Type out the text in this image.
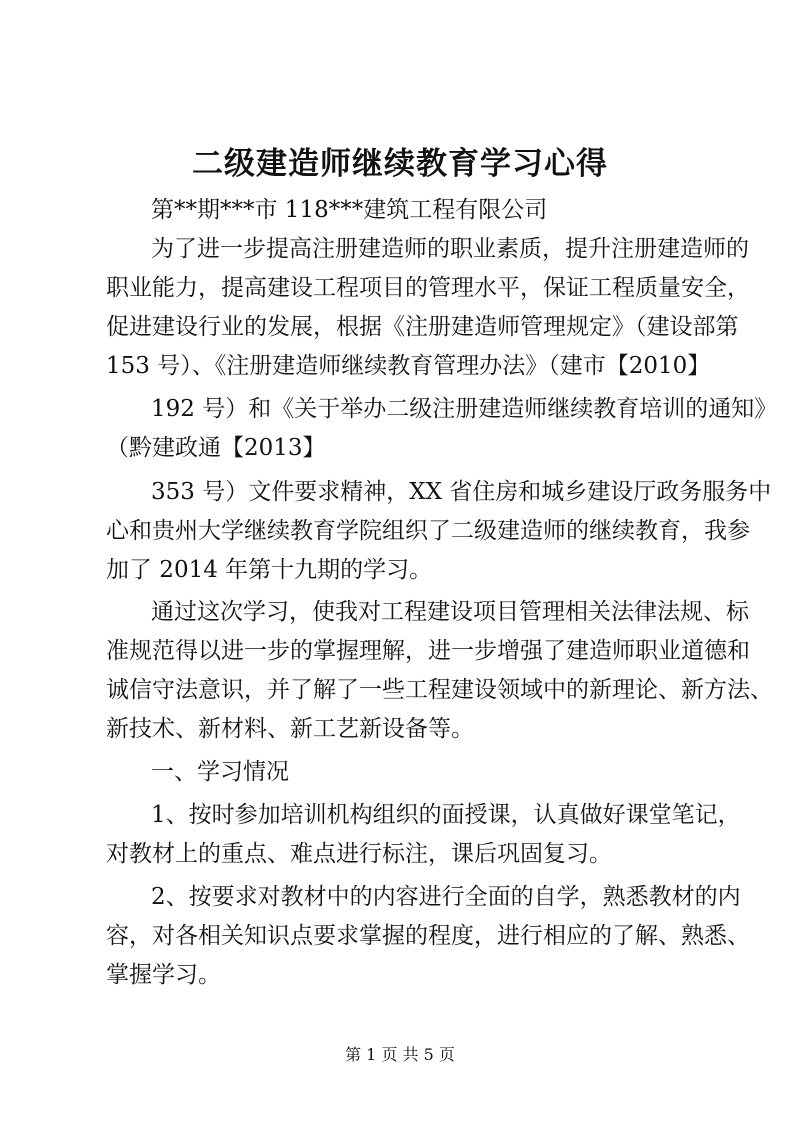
二级建造师继续教育学习心得
第**期***市 118***建筑工程有限公司
为了进一步提高注册建造师的职业素质，提升注册建造师的
职业能力，提高建设工程项目的管理水平，保证工程质量安全，
促进建设行业的发展，根据《注册建造师管理规定》（建设部第
153 号）、《注册建造师继续教育管理办法》（建市【2010】
192 号）和《关于举办二级注册建造师继续教育培训的通知》
（黔建政通【2013】
353 号）文件要求精神，XX 省住房和城乡建设厅政务服务中
心和贵州大学继续教育学院组织了二级建造师的继续教育，我参
加了 2014 年第十九期的学习。
通过这次学习，使我对工程建设项目管理相关法律法规、标
准规范得以进一步的掌握理解，进一步增强了建造师职业道德和
诚信守法意识，并了解了一些工程建设领域中的新理论、新方法、
新技术、新材料、新工艺新设备等。
一、学习情况
1、按时参加培训机构组织的面授课，认真做好课堂笔记，
对教材上的重点、难点进行标注，课后巩固复习。
2、按要求对教材中的内容进行全面的自学，熟悉教材的内
容，对各相关知识点要求掌握的程度，进行相应的了解、熟悉、
掌握学习。
第 1 页 共 5 页
